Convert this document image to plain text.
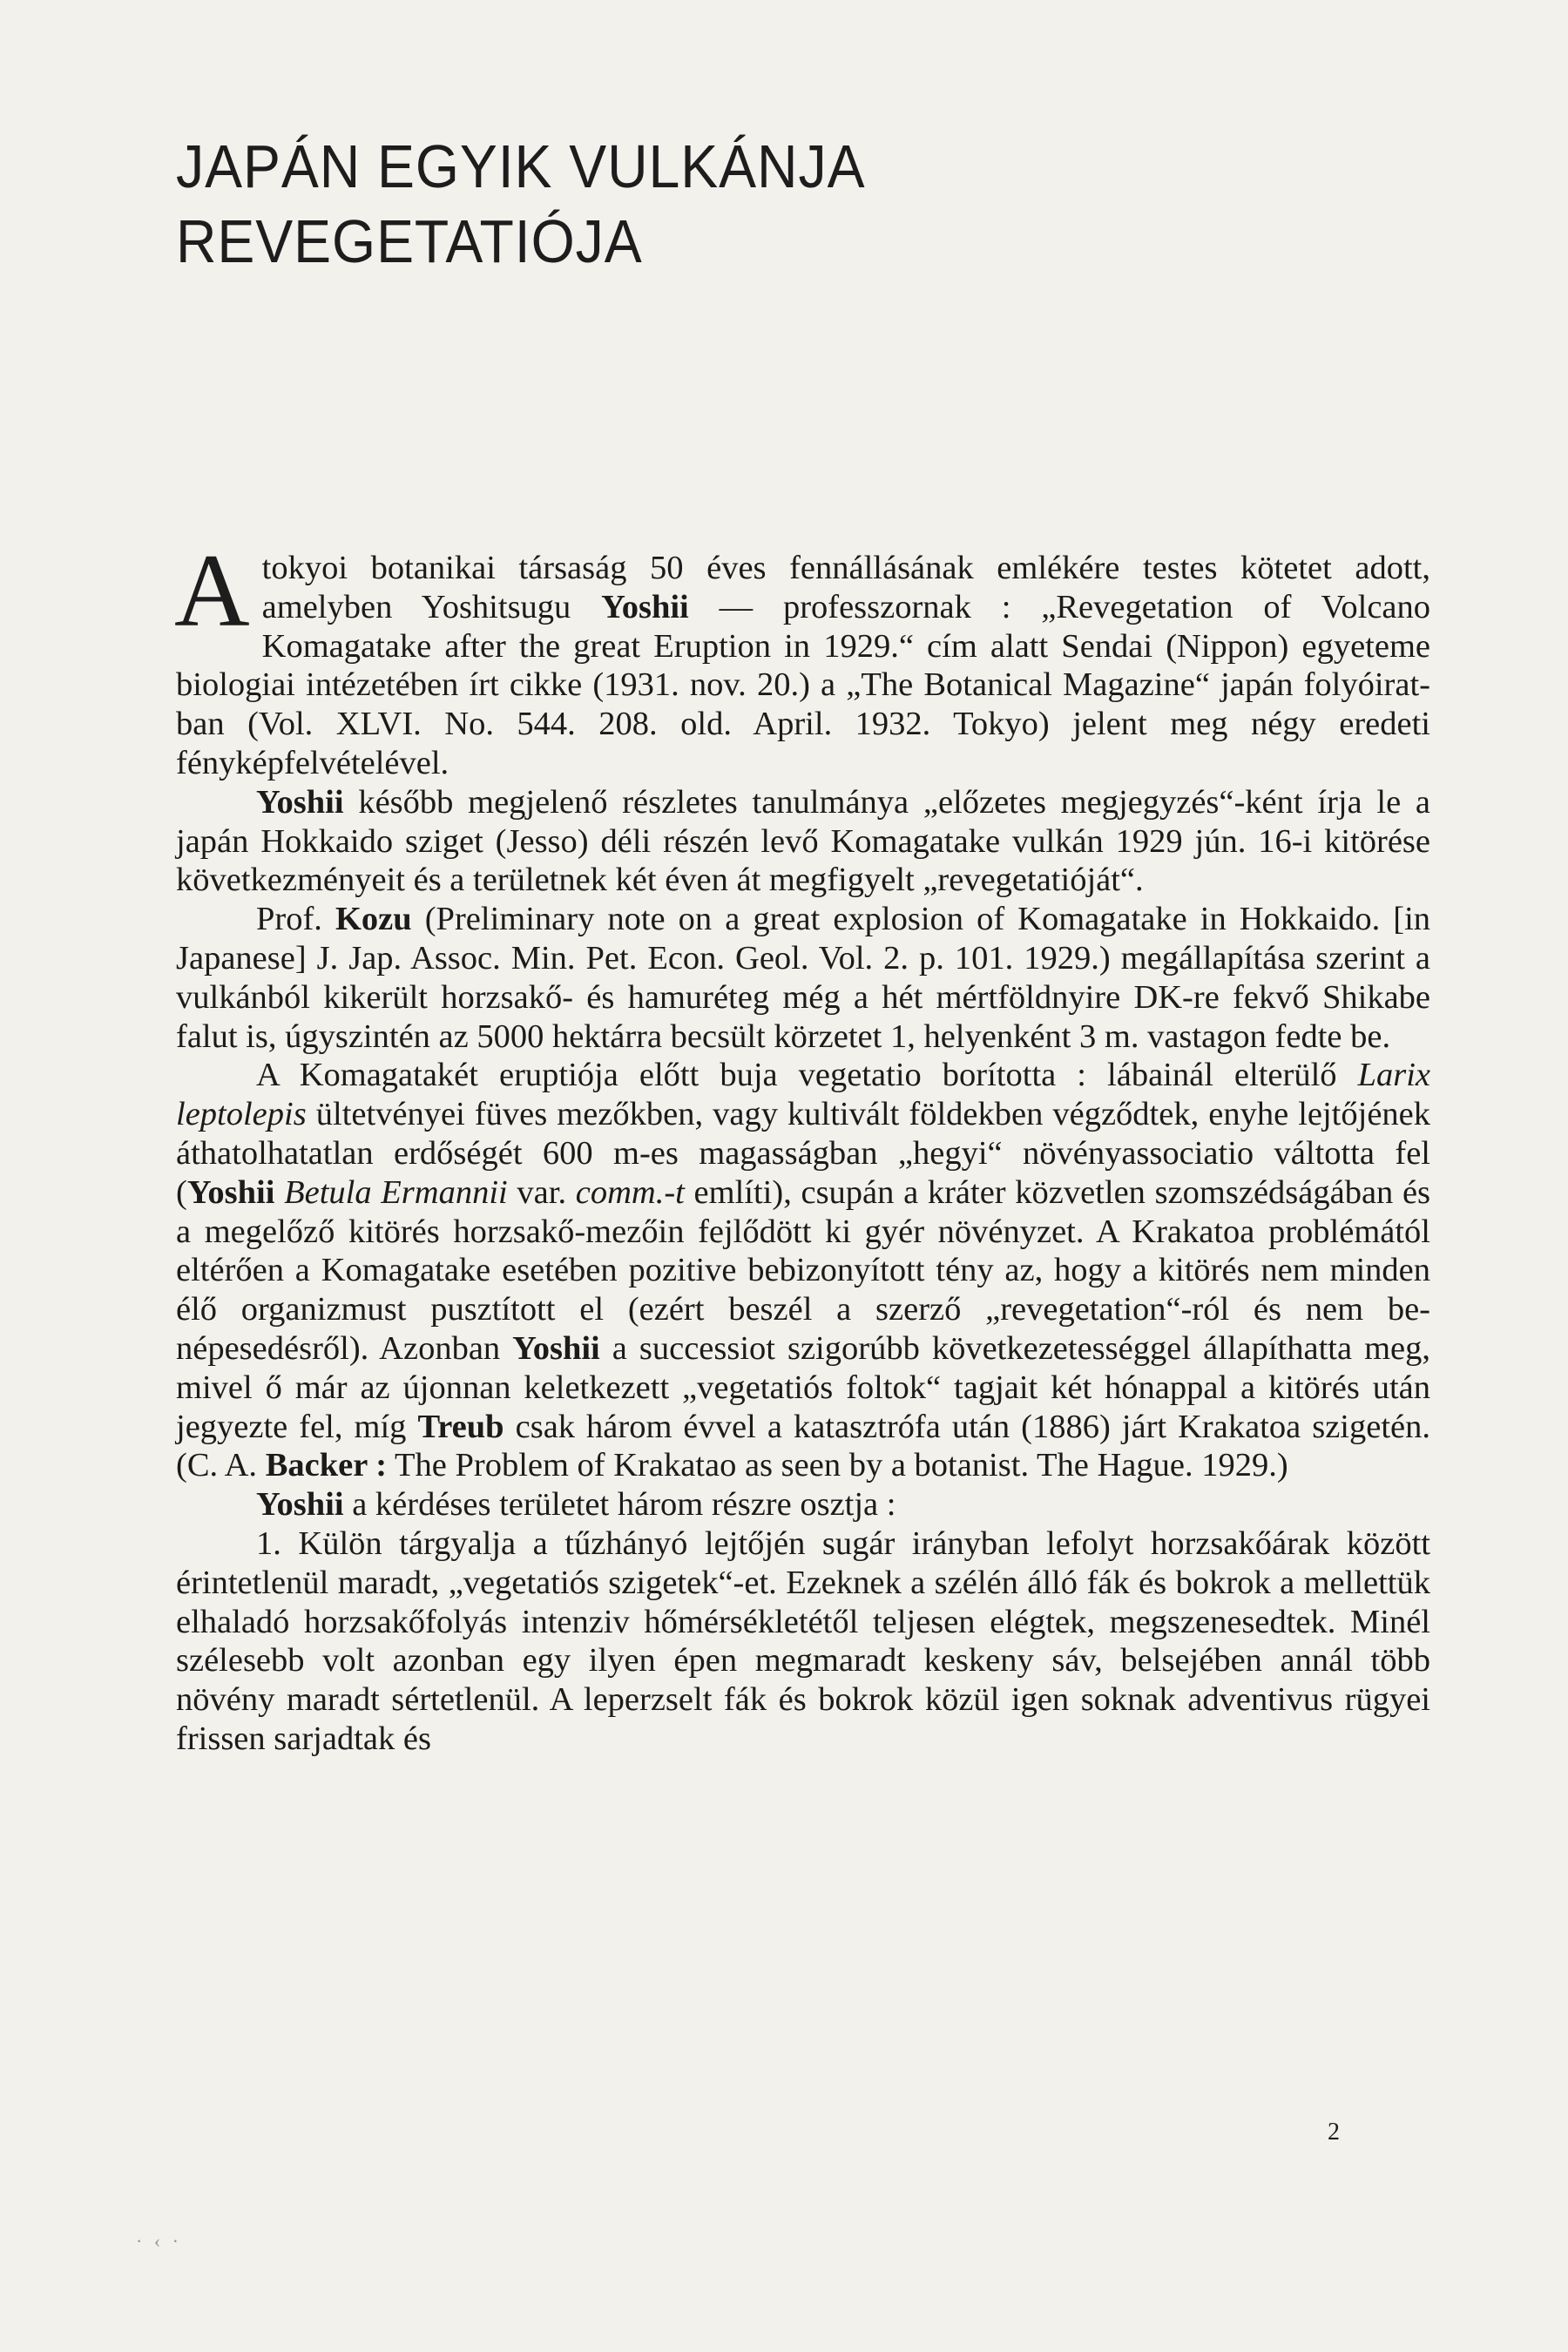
JAPÁN EGYIK VULKÁNJA
REVEGETATIÓJA

Atokyoi botanikai társaság 50 éves fennállásának emlékére testes kötetet adott, amelyben Yoshitsugu Yoshii — professzornak : „Revegetation of Volcano Komagatake after the great Eruption in 1929.“ cím alatt Sendai (Nippon) egyeteme biologiai intézetében írt cikke (1931. nov. 20.) a „The Botanical Magazine“ japán folyóiratban (Vol. XLVI. No. 544. 208. old. April. 1932. Tokyo) jelent meg négy eredeti fényképfelvételével.

Yoshii később megjelenő részletes tanulmánya „előzetes megjegyzés“-ként írja le a japán Hokkaido sziget (Jesso) déli részén levő Komagatake vulkán 1929 jún. 16-i kitörése következményeit és a területnek két éven át megfigyelt „revegetatióját“.

Prof. Kozu (Preliminary note on a great explosion of Komagatake in Hokkaido. [in Japanese] J. Jap. Assoc. Min. Pet. Econ. Geol. Vol. 2. p. 101. 1929.) megállapítása szerint a vulkánból kikerült horzsakő- és hamuréteg még a hét mértföldnyire DK-re fekvő Shikabe falut is, úgyszintén az 5000 hektárra becsült körzetet 1, helyenként 3 m. vastagon fedte be.

A Komagatakét eruptiója előtt buja vegetatio borította : lábainál elterülő Larix leptolepis ültetvényei füves mezőkben, vagy kultivált földekben végződtek, enyhe lejtőjének áthatolhatatlan erdőségét 600 m-es magasságban „hegyi“ növényassociatio váltotta fel (Yoshii Betula Ermannii var. comm.-t említi), csupán a kráter közvetlen szomszédságában és a megelőző kitörés horzsakő-mezőin fejlődött ki gyér növényzet. A Krakatoa problémától eltérően a Komagatake esetében pozitive bebizonyított tény az, hogy a kitörés nem minden élő organizmust pusztított el (ezért beszél a szerző „revegetation“-ról és nem benépesedésről). Azonban Yoshii a successiot szigorúbb következetességgel állapíthatta meg, mivel ő már az újonnan keletkezett „vegetatiós foltok“ tagjait két hónappal a kitörés után jegyezte fel, míg Treub csak három évvel a katasztrófa után (1886) járt Krakatoa szigetén. (C. A. Backer : The Problem of Krakatao as seen by a botanist. The Hague. 1929.)

Yoshii a kérdéses területet három részre osztja :

1. Külön tárgyalja a tűzhányó lejtőjén sugár irányban lefolyt horzsakőárak között érintetlenül maradt, „vegetatiós szigetek“-et. Ezeknek a szélén álló fák és bokrok a mellettük elhaladó horzsakőfolyás intenziv hőmérsékletétől teljesen elégtek, megszenesedtek. Minél szélesebb volt azonban egy ilyen épen megmaradt keskeny sáv, belsejében annál több növény maradt sértetlenül. A leperzselt fák és bokrok közül igen soknak adventivus rügyei frissen sarjadtak és

2
· ‹ ·
